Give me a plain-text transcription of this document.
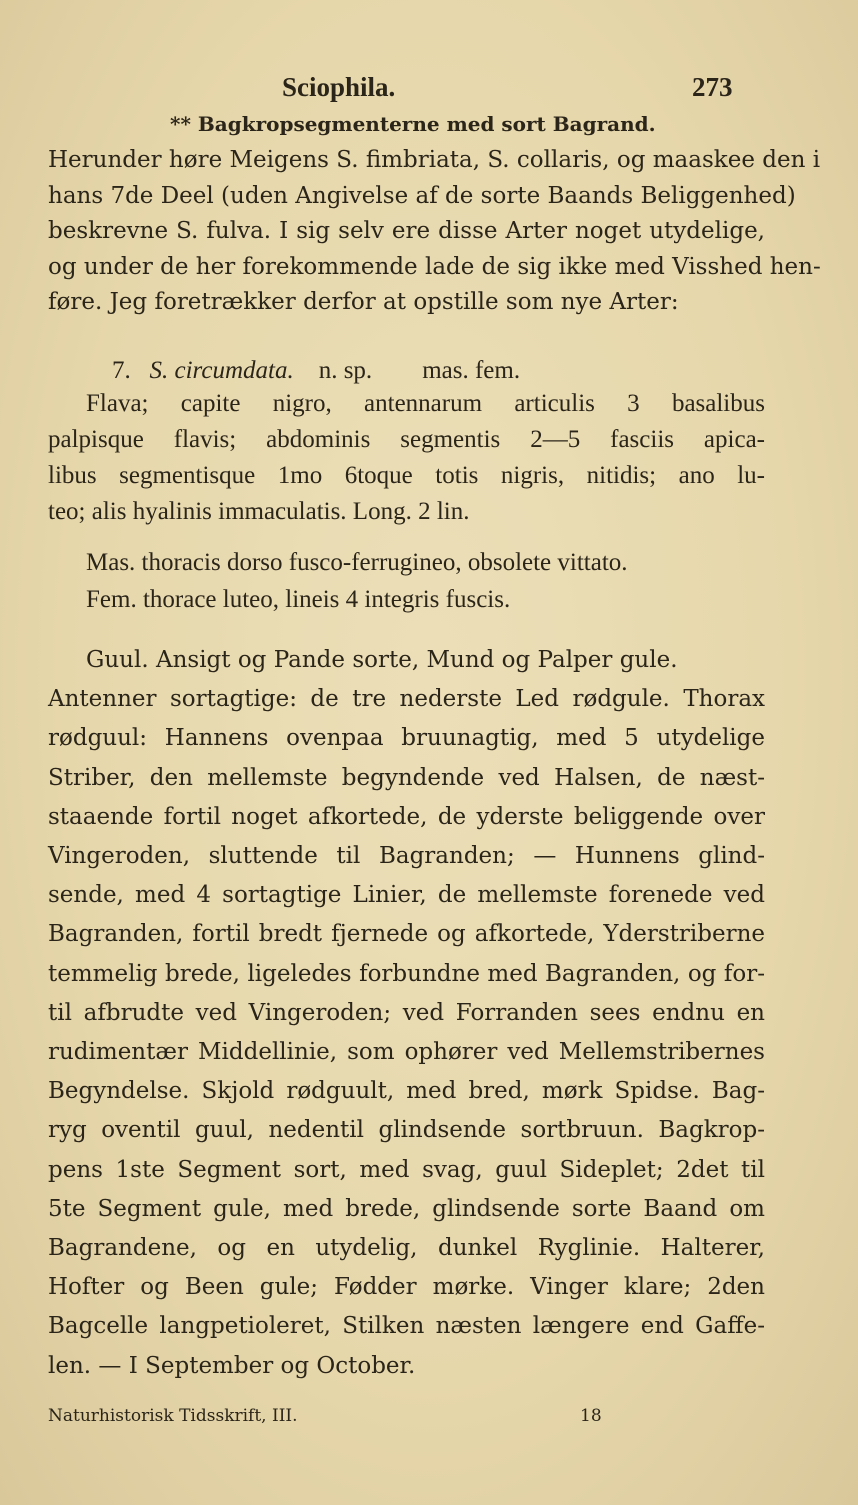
Sciophila.	273
** Bagkropsegmenterne med sort Bagrand.
Herunder høre Meigens S. fimbriata, S. collaris, og maaskee den i
hans 7de Deel (uden Angivelse af de sorte Baands Beliggenhed)
beskrevne S. fulva. I sig selv ere disse Arter noget utydelige,
og under de her forekommende lade de sig ikke med Visshed hen-
føre. Jeg foretrækker derfor at opstille som nye Arter:
7. S. circumdata. n. sp. mas. fem.
Flava; capite nigro, antennarum articulis 3 basalibus
palpisque flavis; abdominis segmentis 2—5 fasciis apica-
libus segmentisque 1mo 6toque totis nigris, nitidis; ano lu-
teo; alis hyalinis immaculatis. Long. 2 lin.
Mas. thoracis dorso fusco-ferrugineo, obsolete vittato.
Fem. thorace luteo, lineis 4 integris fuscis.
Guul. Ansigt og Pande sorte, Mund og Palper gule.
Antenner sortagtige: de tre nederste Led rødgule. Thorax
rødguul: Hannens ovenpaa bruunagtig, med 5 utydelige
Striber, den mellemste begyndende ved Halsen, de næst-
staaende fortil noget afkortede, de yderste beliggende over
Vingeroden, sluttende til Bagranden; — Hunnens glind-
sende, med 4 sortagtige Linier, de mellemste forenede ved
Bagranden, fortil bredt fjernede og afkortede, Yderstriberne
temmelig brede, ligeledes forbundne med Bagranden, og for-
til afbrudte ved Vingeroden; ved Forranden sees endnu en
rudimentær Middellinie, som ophører ved Mellemstribernes
Begyndelse. Skjold rødguult, med bred, mørk Spidse. Bag-
ryg oventil guul, nedentil glindsende sortbruun. Bagkrop-
pens 1ste Segment sort, med svag, guul Sideplet; 2det til
5te Segment gule, med brede, glindsende sorte Baand om
Bagrandene, og en utydelig, dunkel Ryglinie. Halterer,
Hofter og Been gule; Fødder mørke. Vinger klare; 2den
Bagcelle langpetioleret, Stilken næsten længere end Gaffe-
len. — I September og October.
Naturhistorisk Tidsskrift, III.	18
